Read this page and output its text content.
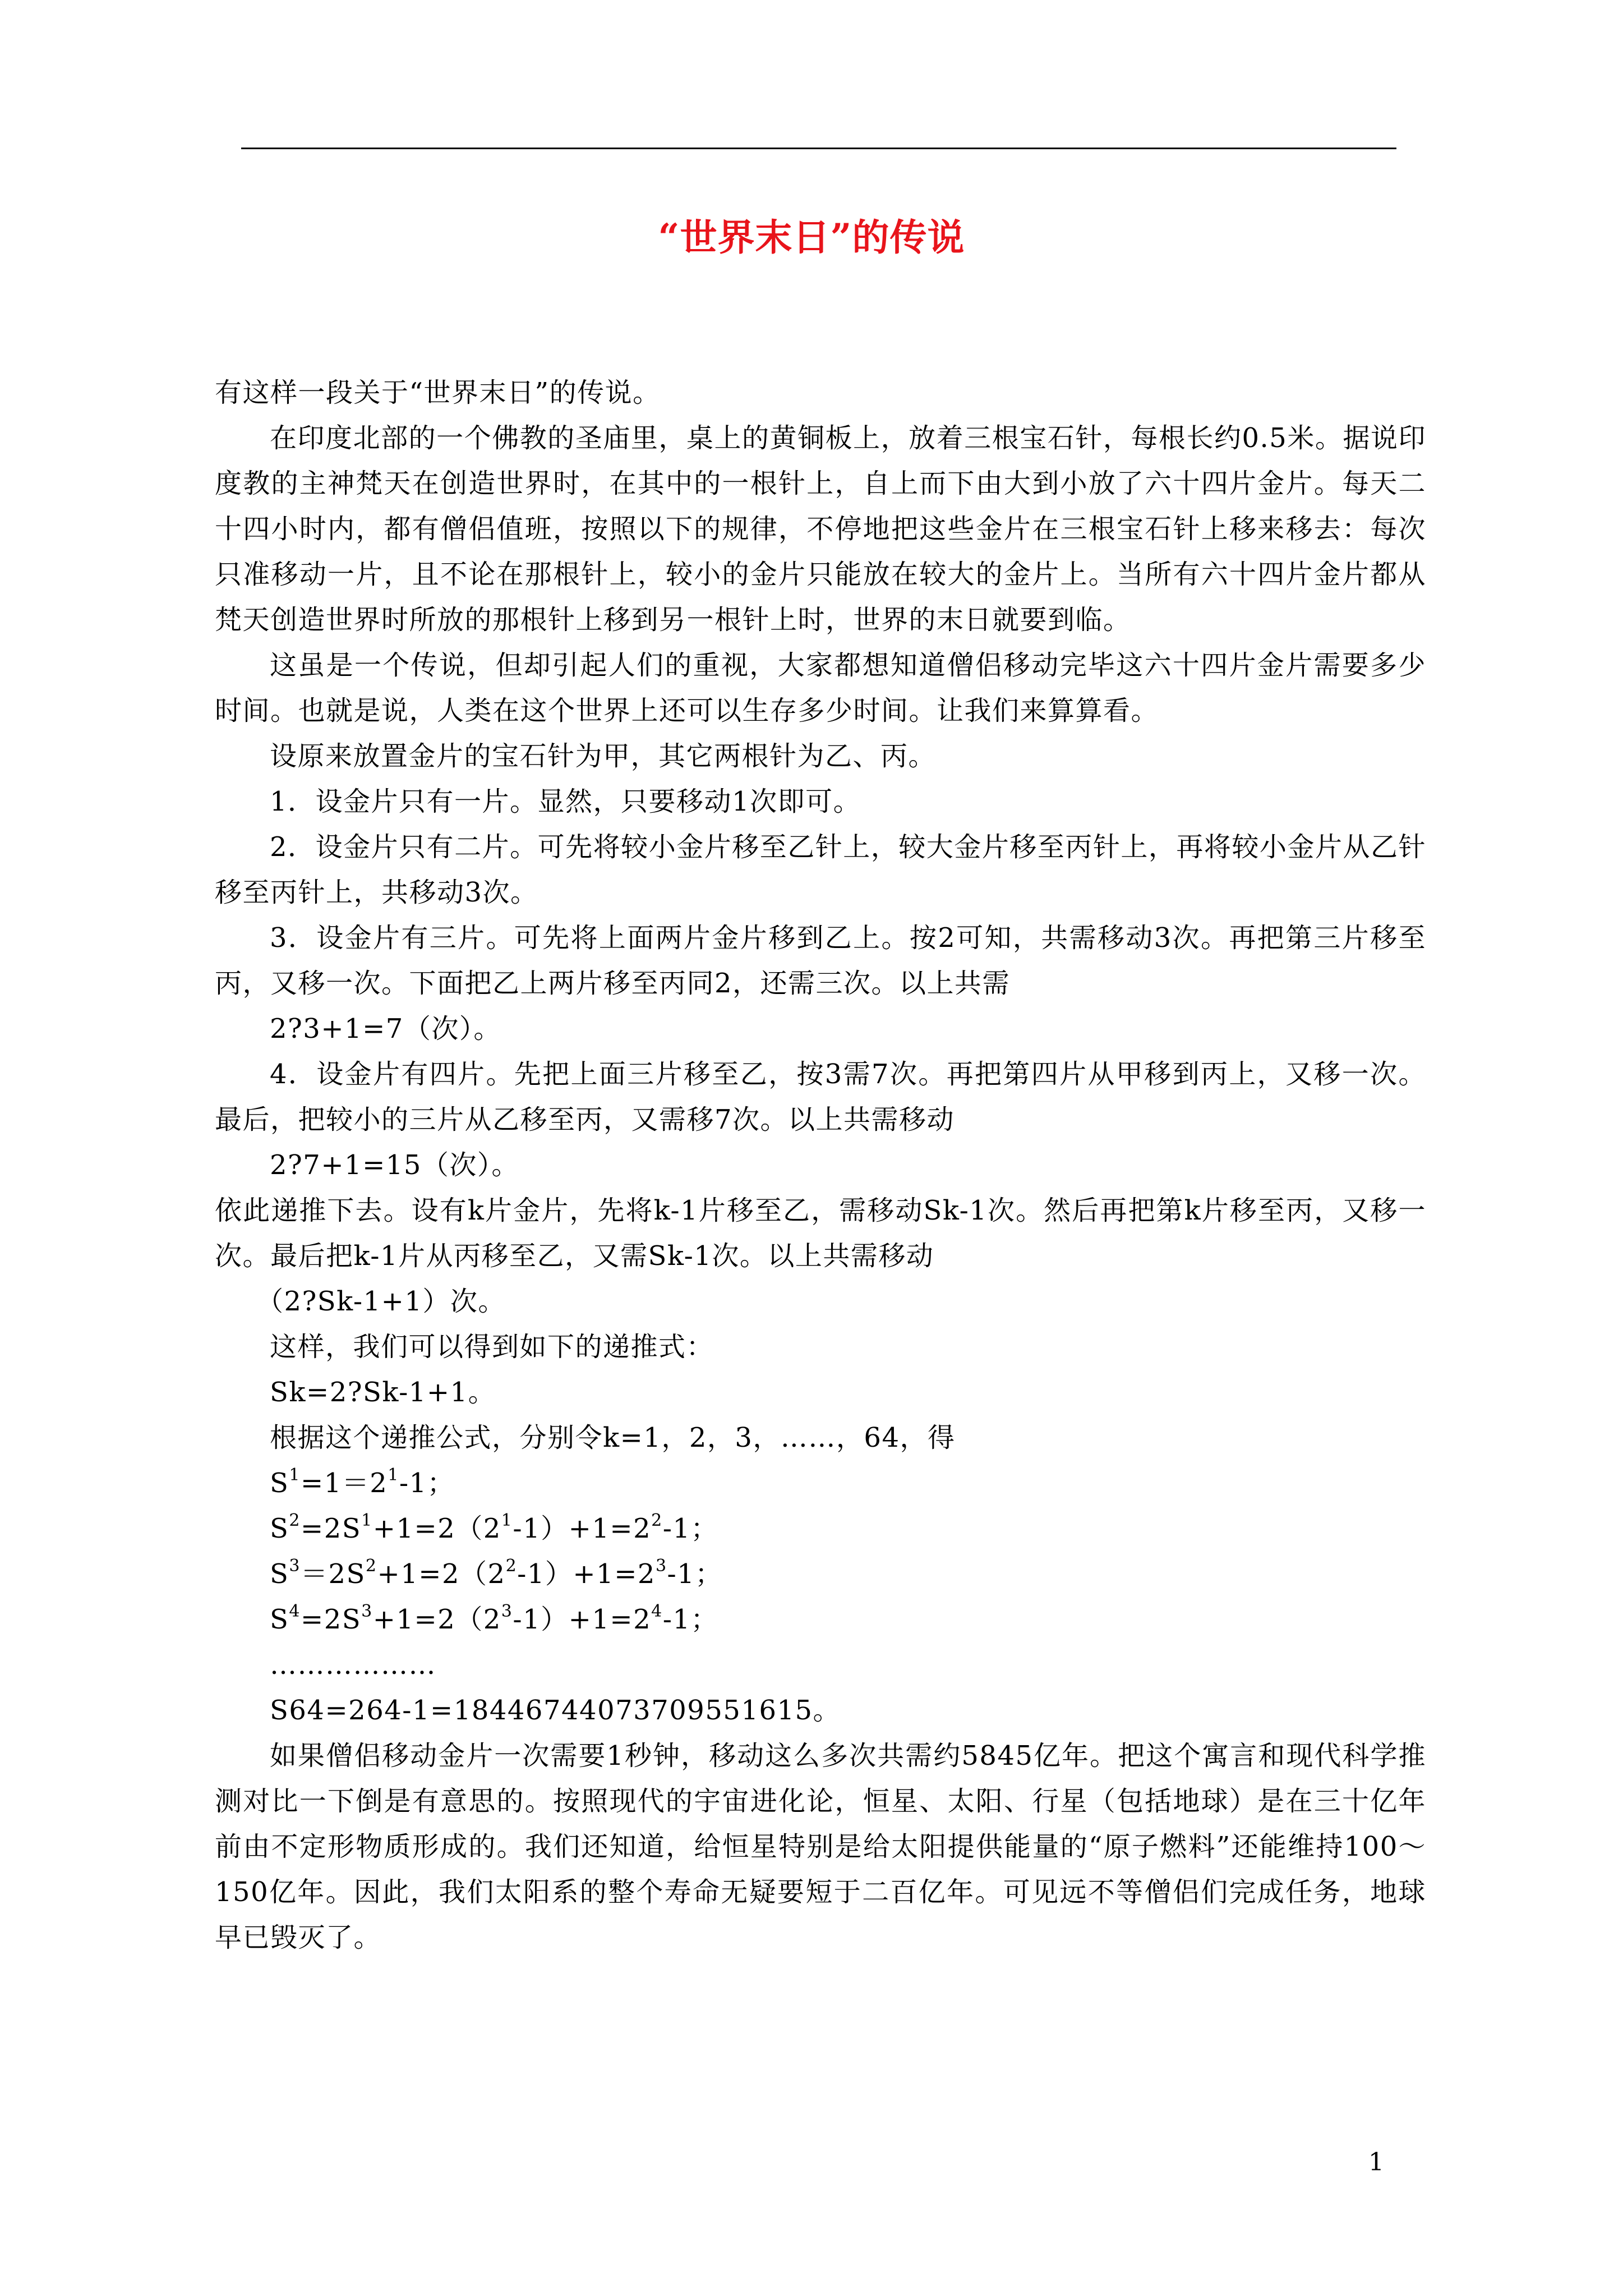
“世界末日”的传说

有这样一段关于“世界末日”的传说。

在印度北部的一个佛教的圣庙里，桌上的黄铜板上，放着三根宝石针，每根长约0.5米。据说印度教的主神梵天在创造世界时，在其中的一根针上，自上而下由大到小放了六十四片金片。每天二十四小时内，都有僧侣值班，按照以下的规律，不停地把这些金片在三根宝石针上移来移去：每次只准移动一片，且不论在那根针上，较小的金片只能放在较大的金片上。当所有六十四片金片都从梵天创造世界时所放的那根针上移到另一根针上时，世界的末日就要到临。

这虽是一个传说，但却引起人们的重视，大家都想知道僧侣移动完毕这六十四片金片需要多少时间。也就是说，人类在这个世界上还可以生存多少时间。让我们来算算看。

设原来放置金片的宝石针为甲，其它两根针为乙、丙。

1．设金片只有一片。显然，只要移动1次即可。

2．设金片只有二片。可先将较小金片移至乙针上，较大金片移至丙针上，再将较小金片从乙针移至丙针上，共移动3次。

3．设金片有三片。可先将上面两片金片移到乙上。按2可知，共需移动3次。再把第三片移至丙，又移一次。下面把乙上两片移至丙同2，还需三次。以上共需

2?3+1=7（次）。

4．设金片有四片。先把上面三片移至乙，按3需7次。再把第四片从甲移到丙上，又移一次。最后，把较小的三片从乙移至丙，又需移7次。以上共需移动

2?7+1=15（次）。

依此递推下去。设有k片金片，先将k-1片移至乙，需移动Sk-1次。然后再把第k片移至丙，又移一次。最后把k-1片从丙移至乙，又需Sk-1次。以上共需移动

（2?Sk-1+1）次。

这样，我们可以得到如下的递推式：

Sk=2?Sk-1+1。

根据这个递推公式，分别令k=1，2，3，……，64，得

$S^1=1=2^1-1$；

$S^2=2S^1+1=2(2^1-1)+1=2^2-1$；

$S^3=2S^2+1=2(2^2-1)+1=2^3-1$；

$S^4=2S^3+1=2(2^3-1)+1=2^4-1$；

………………

S64=264-1=18446744073709551615。

如果僧侣移动金片一次需要1秒钟，移动这么多次共需约5845亿年。把这个寓言和现代科学推测对比一下倒是有意思的。按照现代的宇宙进化论，恒星、太阳、行星（包括地球）是在三十亿年前由不定形物质形成的。我们还知道，给恒星特别是给太阳提供能量的“原子燃料”还能维持100～150亿年。因此，我们太阳系的整个寿命无疑要短于二百亿年。可见远不等僧侣们完成任务，地球早已毁灭了。

1
